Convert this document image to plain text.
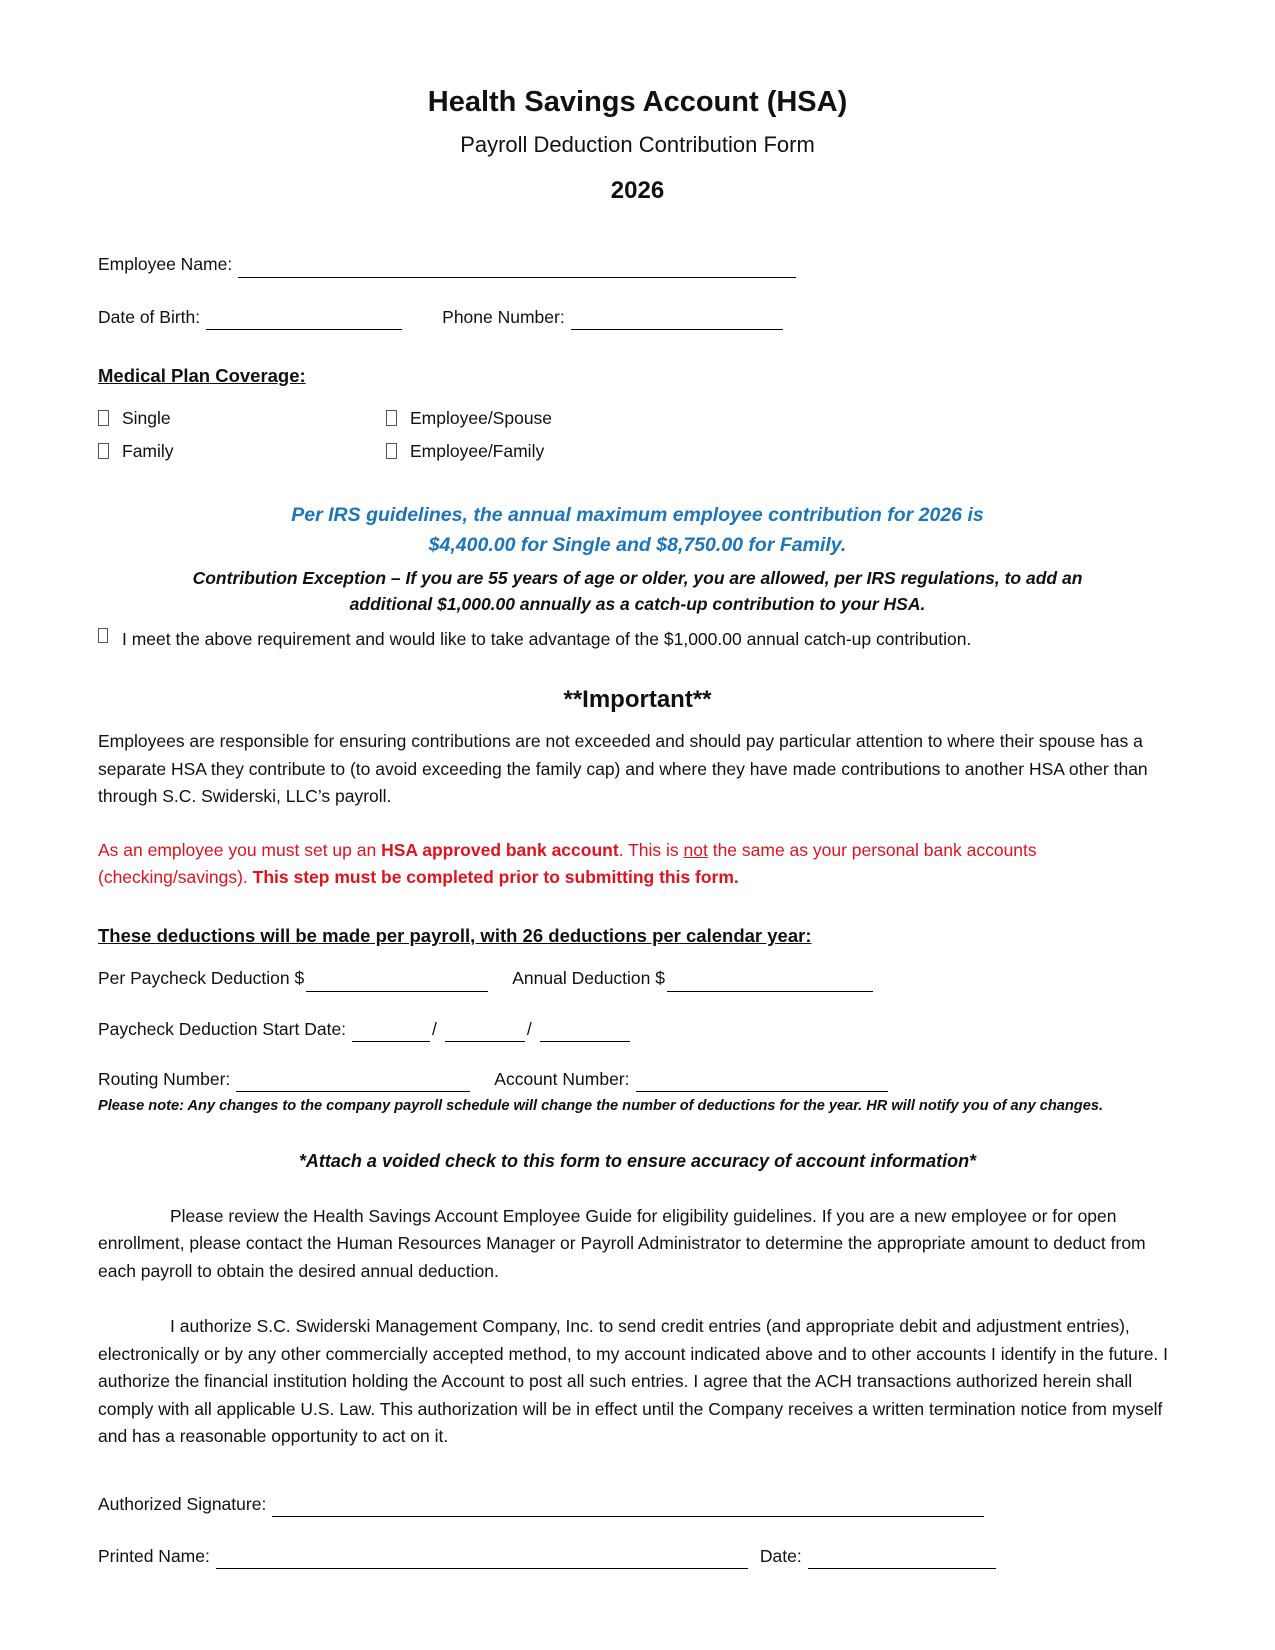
Health Savings Account (HSA)
Payroll Deduction Contribution Form
2026
Employee Name:
Date of Birth:	Phone Number:
Medical Plan Coverage:
Single	Employee/Spouse
Family	Employee/Family
Per IRS guidelines, the annual maximum employee contribution for 2026 is
$4,400.00 for Single and $8,750.00 for Family.
Contribution Exception – If you are 55 years of age or older, you are allowed, per IRS regulations, to add an
additional $1,000.00 annually as a catch-up contribution to your HSA.
I meet the above requirement and would like to take advantage of the $1,000.00 annual catch-up contribution.
**Important**
Employees are responsible for ensuring contributions are not exceeded and should pay particular attention to where their spouse has a separate HSA they contribute to (to avoid exceeding the family cap) and where they have made contributions to another HSA other than through S.C. Swiderski, LLC’s payroll.
As an employee you must set up an HSA approved bank account. This is not the same as your personal bank accounts (checking/savings). This step must be completed prior to submitting this form.
These deductions will be made per payroll, with 26 deductions per calendar year:
Per Paycheck Deduction $	Annual Deduction $
Paycheck Deduction Start Date:	/	/
Routing Number:	Account Number:
Please note: Any changes to the company payroll schedule will change the number of deductions for the year. HR will notify you of any changes.
*Attach a voided check to this form to ensure accuracy of account information*
Please review the Health Savings Account Employee Guide for eligibility guidelines. If you are a new employee or for open enrollment, please contact the Human Resources Manager or Payroll Administrator to determine the appropriate amount to deduct from each payroll to obtain the desired annual deduction.
I authorize S.C. Swiderski Management Company, Inc. to send credit entries (and appropriate debit and adjustment entries), electronically or by any other commercially accepted method, to my account indicated above and to other accounts I identify in the future. I authorize the financial institution holding the Account to post all such entries. I agree that the ACH transactions authorized herein shall comply with all applicable U.S. Law. This authorization will be in effect until the Company receives a written termination notice from myself and has a reasonable opportunity to act on it.
Authorized Signature:
Printed Name:	Date:
